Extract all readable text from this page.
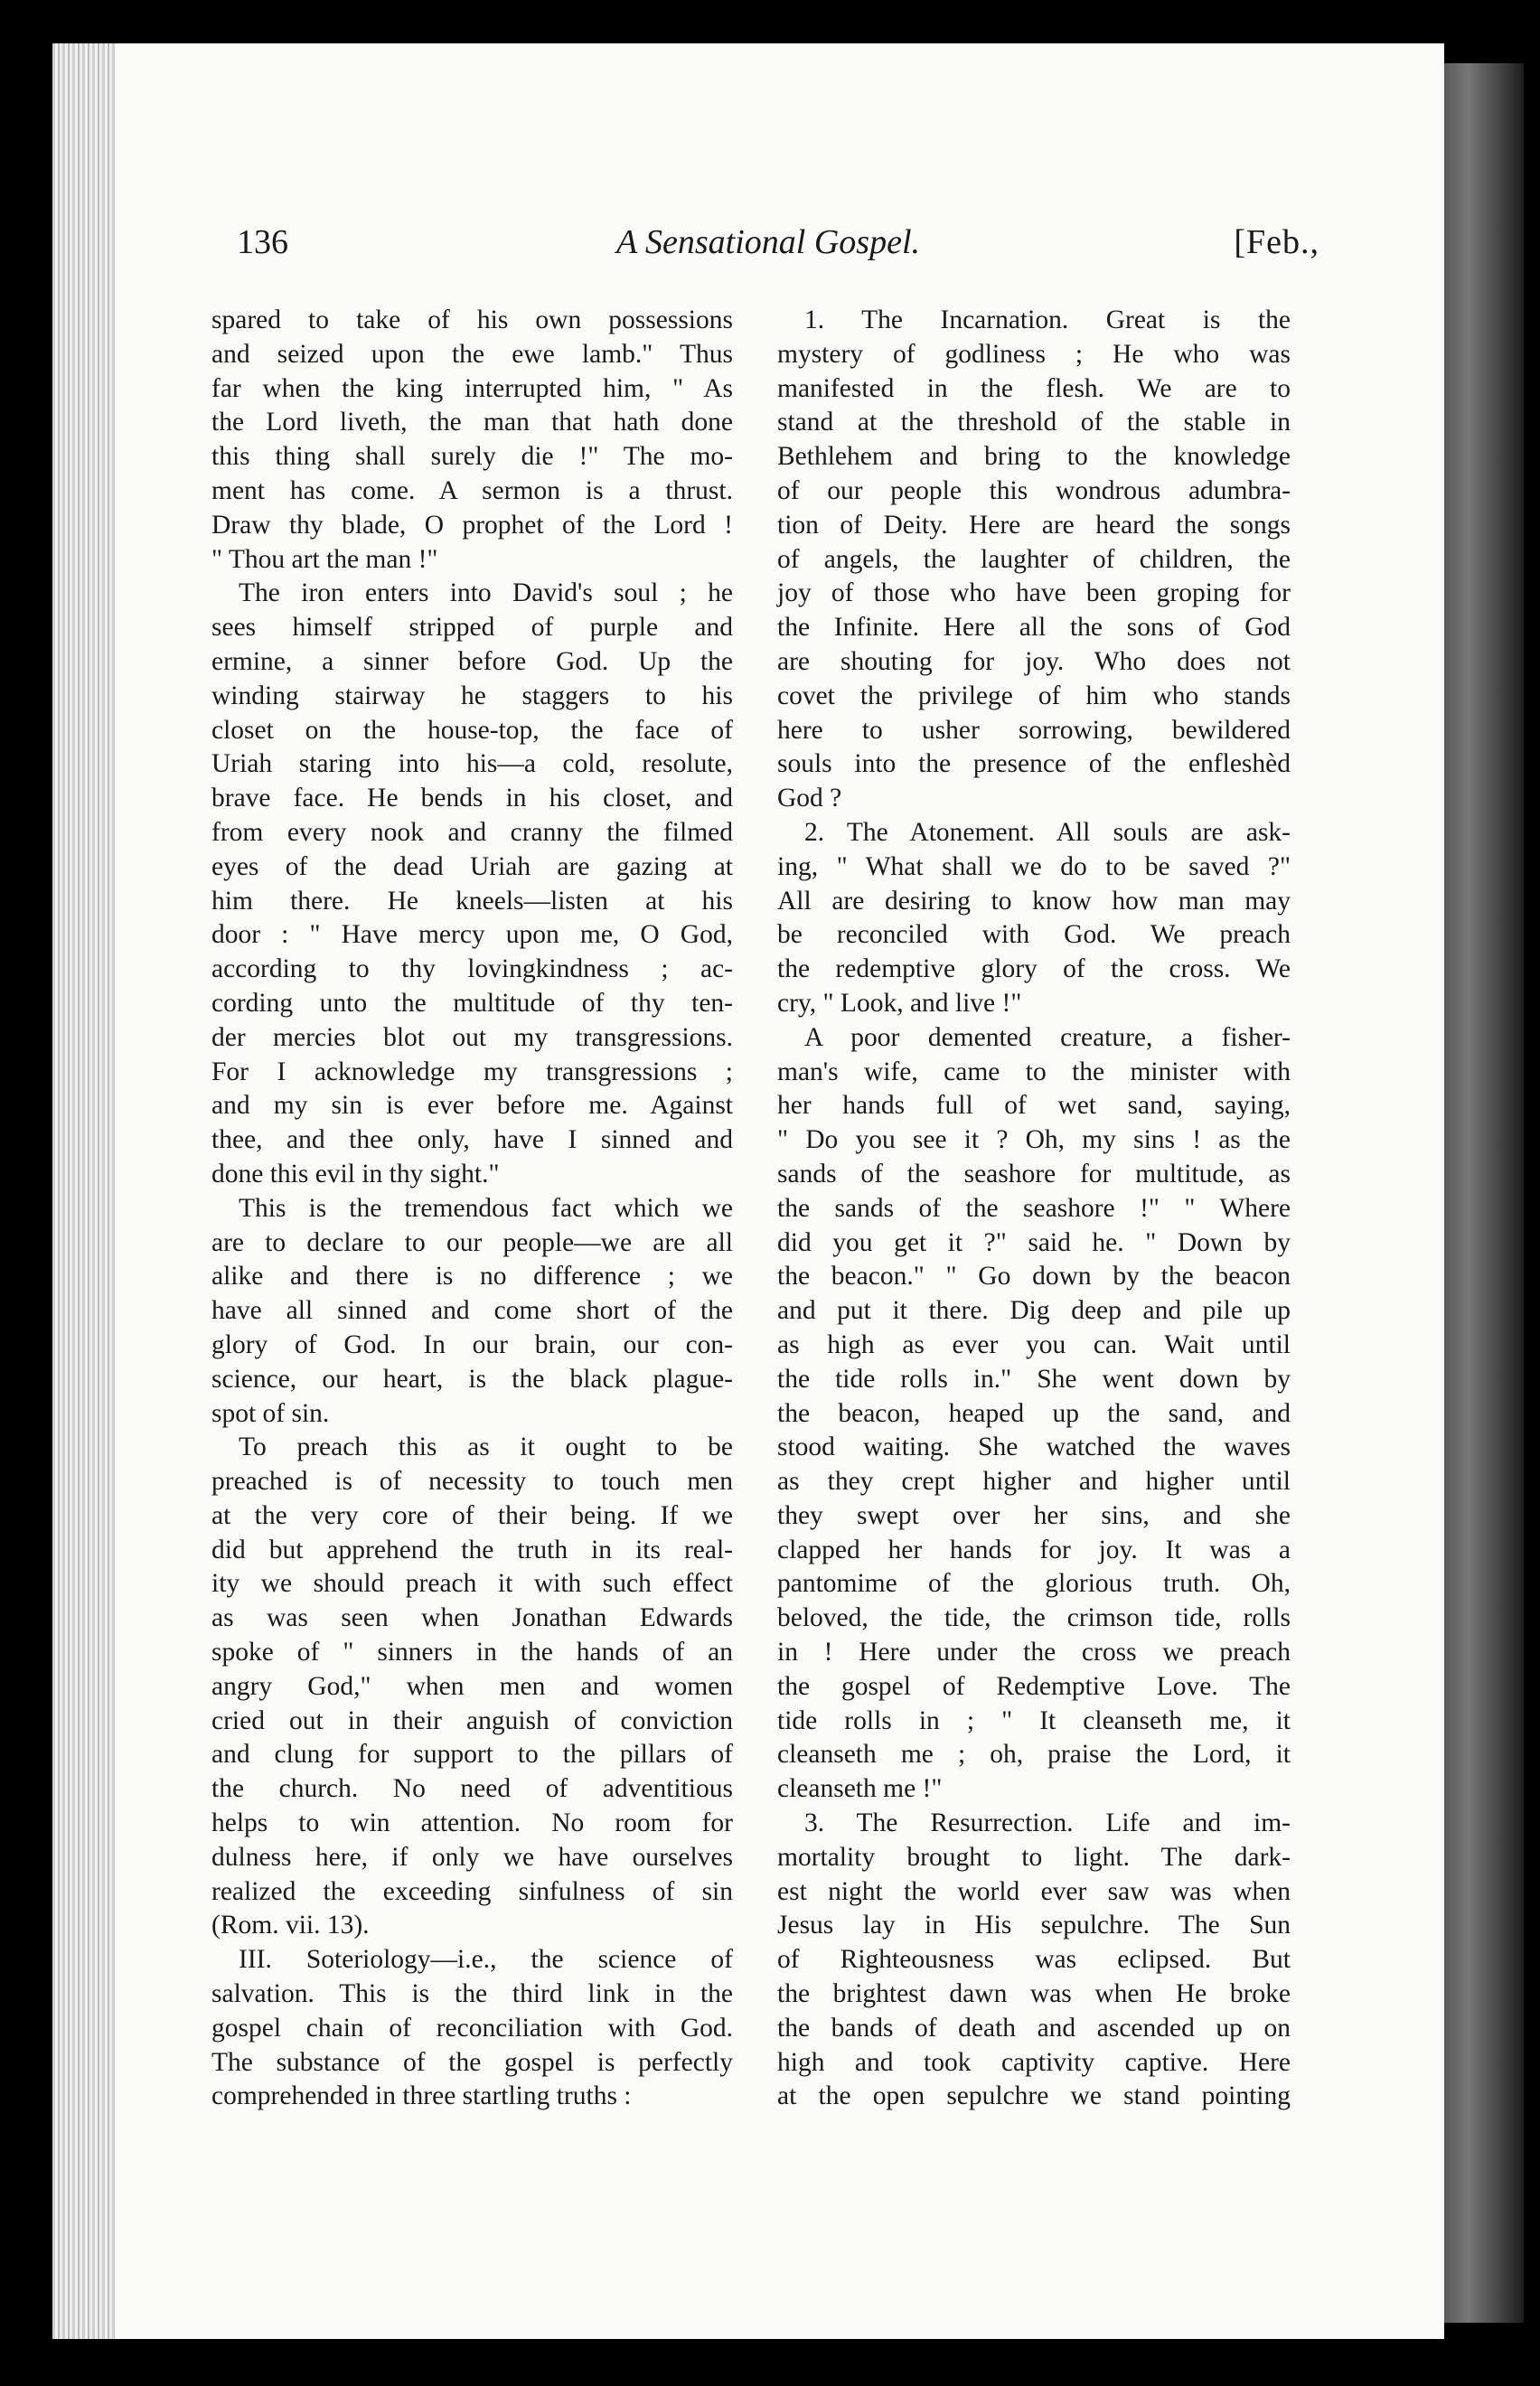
136	A Sensational Gospel.	[Feb.,
spared to take of his own possessions
and seized upon the ewe lamb." Thus
far when the king interrupted him, " As
the Lord liveth, the man that hath done
this thing shall surely die !" The mo-
ment has come. A sermon is a thrust.
Draw thy blade, O prophet of the Lord !
" Thou art the man !"
The iron enters into David's soul ; he
sees himself stripped of purple and
ermine, a sinner before God. Up the
winding stairway he staggers to his
closet on the house-top, the face of
Uriah staring into his—a cold, resolute,
brave face. He bends in his closet, and
from every nook and cranny the filmed
eyes of the dead Uriah are gazing at
him there. He kneels—listen at his
door : " Have mercy upon me, O God,
according to thy lovingkindness ; ac-
cording unto the multitude of thy ten-
der mercies blot out my transgressions.
For I acknowledge my transgressions ;
and my sin is ever before me. Against
thee, and thee only, have I sinned and
done this evil in thy sight."
This is the tremendous fact which we
are to declare to our people—we are all
alike and there is no difference ; we
have all sinned and come short of the
glory of God. In our brain, our con-
science, our heart, is the black plague-
spot of sin.
To preach this as it ought to be
preached is of necessity to touch men
at the very core of their being. If we
did but apprehend the truth in its real-
ity we should preach it with such effect
as was seen when Jonathan Edwards
spoke of " sinners in the hands of an
angry God," when men and women
cried out in their anguish of conviction
and clung for support to the pillars of
the church. No need of adventitious
helps to win attention. No room for
dulness here, if only we have ourselves
realized the exceeding sinfulness of sin
(Rom. vii. 13).
III. Soteriology—i.e., the science of
salvation. This is the third link in the
gospel chain of reconciliation with God.
The substance of the gospel is perfectly
comprehended in three startling truths :
1. The Incarnation. Great is the
mystery of godliness ; He who was
manifested in the flesh. We are to
stand at the threshold of the stable in
Bethlehem and bring to the knowledge
of our people this wondrous adumbra-
tion of Deity. Here are heard the songs
of angels, the laughter of children, the
joy of those who have been groping for
the Infinite. Here all the sons of God
are shouting for joy. Who does not
covet the privilege of him who stands
here to usher sorrowing, bewildered
souls into the presence of the enfleshèd
God ?
2. The Atonement. All souls are ask-
ing, " What shall we do to be saved ?"
All are desiring to know how man may
be reconciled with God. We preach
the redemptive glory of the cross. We
cry, " Look, and live !"
A poor demented creature, a fisher-
man's wife, came to the minister with
her hands full of wet sand, saying,
" Do you see it ? Oh, my sins ! as the
sands of the seashore for multitude, as
the sands of the seashore !" " Where
did you get it ?" said he. " Down by
the beacon." " Go down by the beacon
and put it there. Dig deep and pile up
as high as ever you can. Wait until
the tide rolls in." She went down by
the beacon, heaped up the sand, and
stood waiting. She watched the waves
as they crept higher and higher until
they swept over her sins, and she
clapped her hands for joy. It was a
pantomime of the glorious truth. Oh,
beloved, the tide, the crimson tide, rolls
in ! Here under the cross we preach
the gospel of Redemptive Love. The
tide rolls in ; " It cleanseth me, it
cleanseth me ; oh, praise the Lord, it
cleanseth me !"
3. The Resurrection. Life and im-
mortality brought to light. The dark-
est night the world ever saw was when
Jesus lay in His sepulchre. The Sun
of Righteousness was eclipsed. But
the brightest dawn was when He broke
the bands of death and ascended up on
high and took captivity captive. Here
at the open sepulchre we stand pointing
